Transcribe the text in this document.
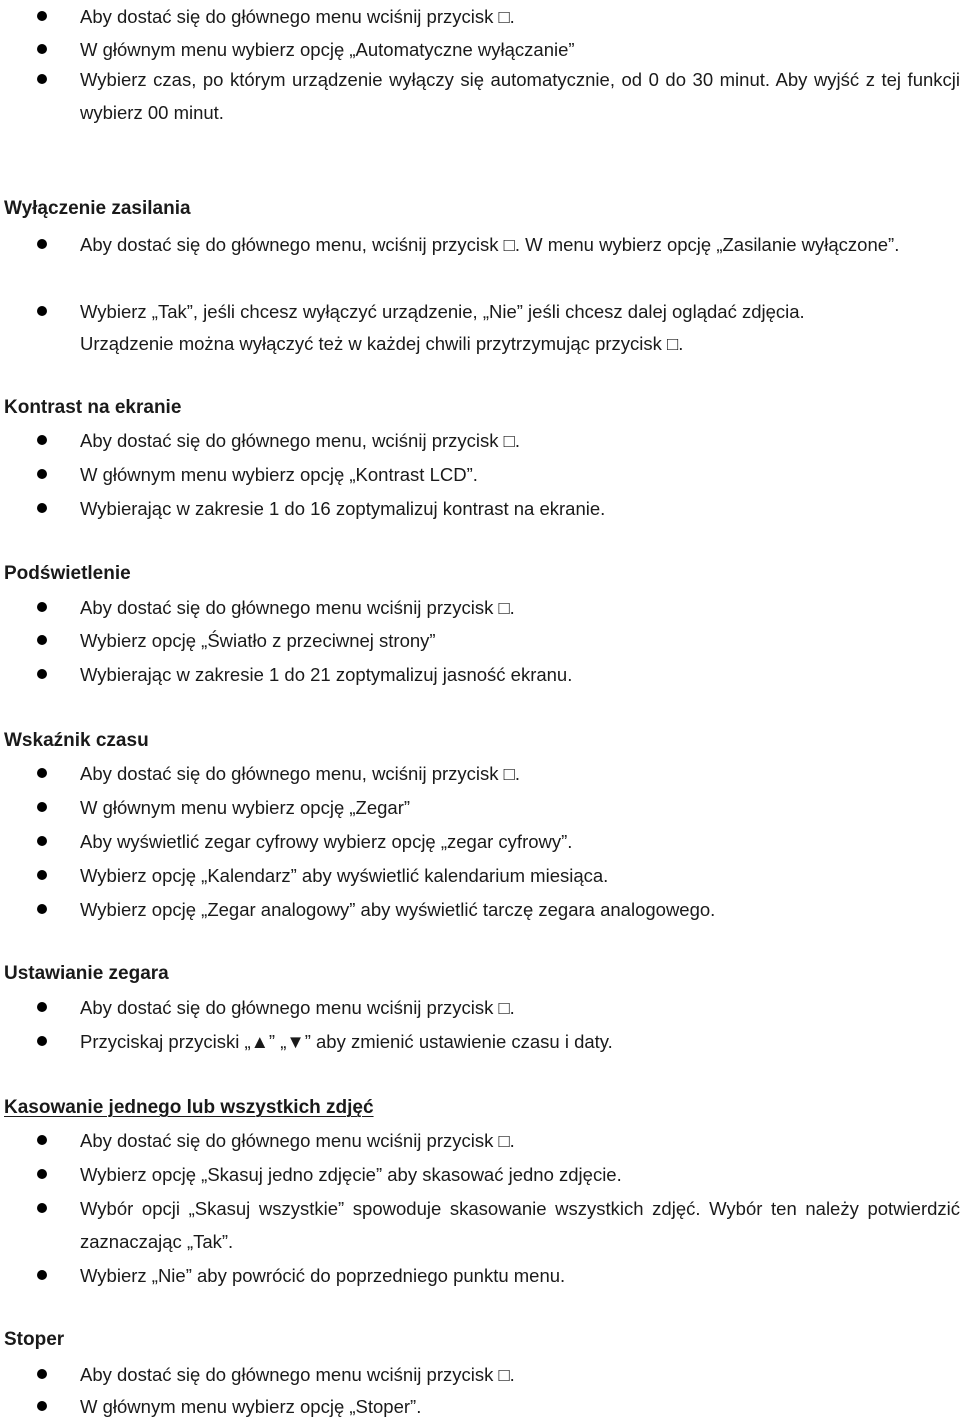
Aby dostać się do głównego menu wciśnij przycisk □.
W głównym menu wybierz opcję „Automatyczne wyłączanie”
Wybierz czas, po którym urządzenie wyłączy się automatycznie, od 0 do 30 minut. Aby wyjść z tej funkcji wybierz 00 minut.
Wyłączenie zasilania
Aby dostać się do głównego menu, wciśnij przycisk □. W menu wybierz opcję „Zasilanie wyłączone”.
Wybierz „Tak”, jeśli chcesz wyłączyć urządzenie, „Nie” jeśli chcesz dalej oglądać zdjęcia.
Urządzenie można wyłączyć też w każdej chwili przytrzymując przycisk □.
Kontrast na ekranie
Aby dostać się do głównego menu, wciśnij przycisk □.
W głównym menu wybierz opcję „Kontrast LCD”.
Wybierając w zakresie 1 do 16 zoptymalizuj kontrast na ekranie.
Podświetlenie
Aby dostać się do głównego menu wciśnij przycisk □.
Wybierz opcję „Światło z przeciwnej strony”
Wybierając w zakresie 1 do 21 zoptymalizuj jasność ekranu.
Wskaźnik czasu
Aby dostać się do głównego menu, wciśnij przycisk □.
W głównym menu wybierz opcję „Zegar”
Aby wyświetlić zegar cyfrowy wybierz opcję „zegar cyfrowy”.
Wybierz opcję „Kalendarz” aby wyświetlić kalendarium miesiąca.
Wybierz opcję „Zegar analogowy” aby wyświetlić tarczę zegara analogowego.
Ustawianie zegara
Aby dostać się do głównego menu wciśnij przycisk □.
Przyciskaj przyciski „▲” „▼” aby zmienić ustawienie czasu i daty.
Kasowanie jednego lub wszystkich zdjęć
Aby dostać się do głównego menu wciśnij przycisk □.
Wybierz opcję „Skasuj jedno zdjęcie” aby skasować jedno zdjęcie.
Wybór opcji „Skasuj wszystkie” spowoduje skasowanie wszystkich zdjęć. Wybór ten należy potwierdzić zaznaczając „Tak”.
Wybierz „Nie” aby powrócić do poprzedniego punktu menu.
Stoper
Aby dostać się do głównego menu wciśnij przycisk □.
W głównym menu wybierz opcję „Stoper”.
